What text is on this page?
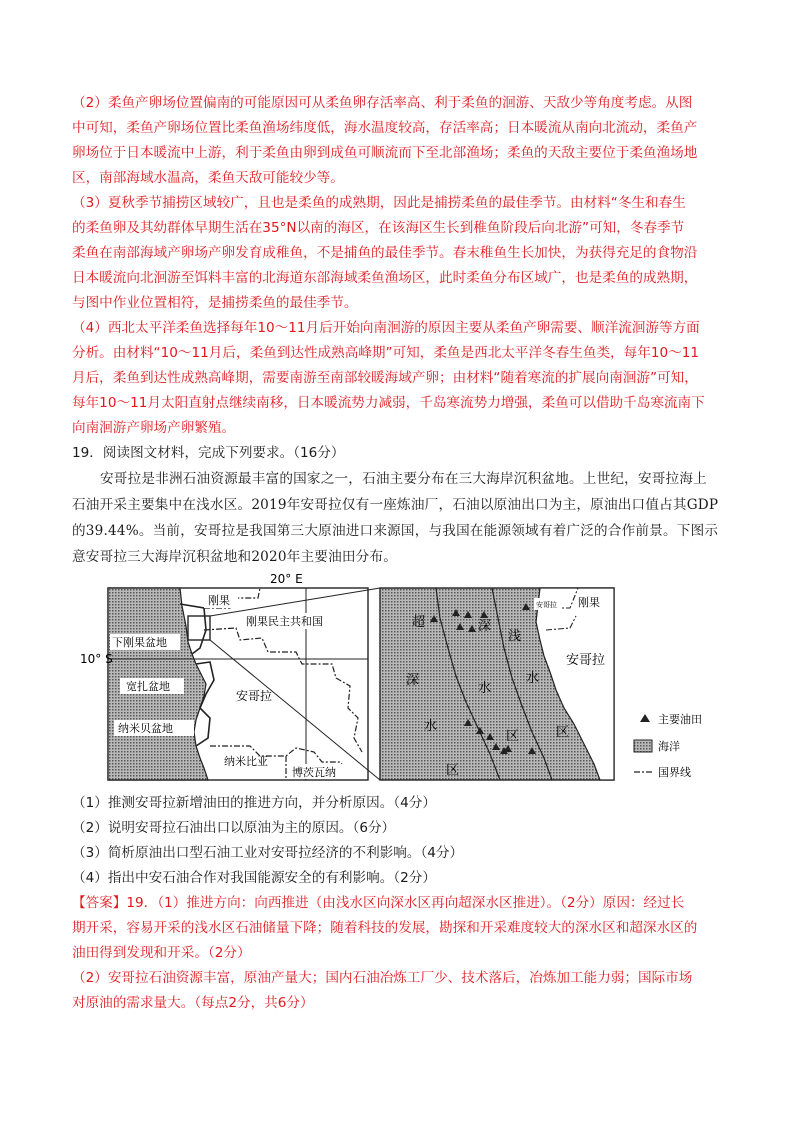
（2）柔鱼产卵场位置偏南的可能原因可从柔鱼卵存活率高、利于柔鱼的洄游、天敌少等角度考虑。从图
中可知，柔鱼产卵场位置比柔鱼渔场纬度低，海水温度较高，存活率高；日本暖流从南向北流动，柔鱼产
卵场位于日本暖流中上游，利于柔鱼由卵到成鱼可顺流而下至北部渔场；柔鱼的天敌主要位于柔鱼渔场地
区，南部海域水温高，柔鱼天敌可能较少等。
（3）夏秋季节捕捞区域较广，且也是柔鱼的成熟期，因此是捕捞柔鱼的最佳季节。由材料“冬生和春生
的柔鱼卵及其幼群体早期生活在35°N以南的海区，在该海区生长到稚鱼阶段后向北游”可知，冬春季节
柔鱼在南部海域产卵场产卵发育成稚鱼，不是捕鱼的最佳季节。春末稚鱼生长加快，为获得充足的食物沿
日本暖流向北洄游至饵料丰富的北海道东部海域柔鱼渔场区，此时柔鱼分布区域广，也是柔鱼的成熟期，
与图中作业位置相符，是捕捞柔鱼的最佳季节。
（4）西北太平洋柔鱼选择每年10～11月后开始向南洄游的原因主要从柔鱼产卵需要、顺洋流洄游等方面
分析。由材料“10～11月后，柔鱼到达性成熟高峰期”可知，柔鱼是西北太平洋冬春生鱼类，每年10～11
月后，柔鱼到达性成熟高峰期，需要南游至南部较暖海域产卵；由材料“随着寒流的扩展向南洄游”可知，
每年10～11月太阳直射点继续南移，日本暖流势力减弱，千岛寒流势力增强，柔鱼可以借助千岛寒流南下
向南洄游产卵场产卵繁殖。
19．阅读图文材料，完成下列要求。（16分）
安哥拉是非洲石油资源最丰富的国家之一，石油主要分布在三大海岸沉积盆地。上世纪，安哥拉海上
石油开采主要集中在浅水区。2019年安哥拉仅有一座炼油厂，石油以原油出口为主，原油出口值占其GDP
的39.44%。当前，安哥拉是我国第三大原油进口来源国，与我国在能源领域有着广泛的合作前景。下图示
意安哥拉三大海岸沉积盆地和2020年主要油田分布。
20° E
10° S
刚果
刚果民主共和国
下刚果盆地
宽扎盆地
纳米贝盆地
安哥拉
纳米比亚
博茨瓦纳
刚果
安哥拉
安哥拉
超
深
水
区
深
水
区
浅
水
区
主要油田
海洋
国界线
（1）推测安哥拉新增油田的推进方向，并分析原因。（4分）
（2）说明安哥拉石油出口以原油为主的原因。（6分）
（3）简析原油出口型石油工业对安哥拉经济的不利影响。（4分）
（4）指出中安石油合作对我国能源安全的有利影响。（2分）
【答案】19．（1）推进方向：向西推进（由浅水区向深水区再向超深水区推进）。（2分）原因：经过长
期开采，容易开采的浅水区石油储量下降；随着科技的发展，勘探和开采难度较大的深水区和超深水区的
油田得到发现和开采。（2分）
（2）安哥拉石油资源丰富，原油产量大；国内石油冶炼工厂少、技术落后，冶炼加工能力弱；国际市场
对原油的需求量大。（每点2分，共6分）
